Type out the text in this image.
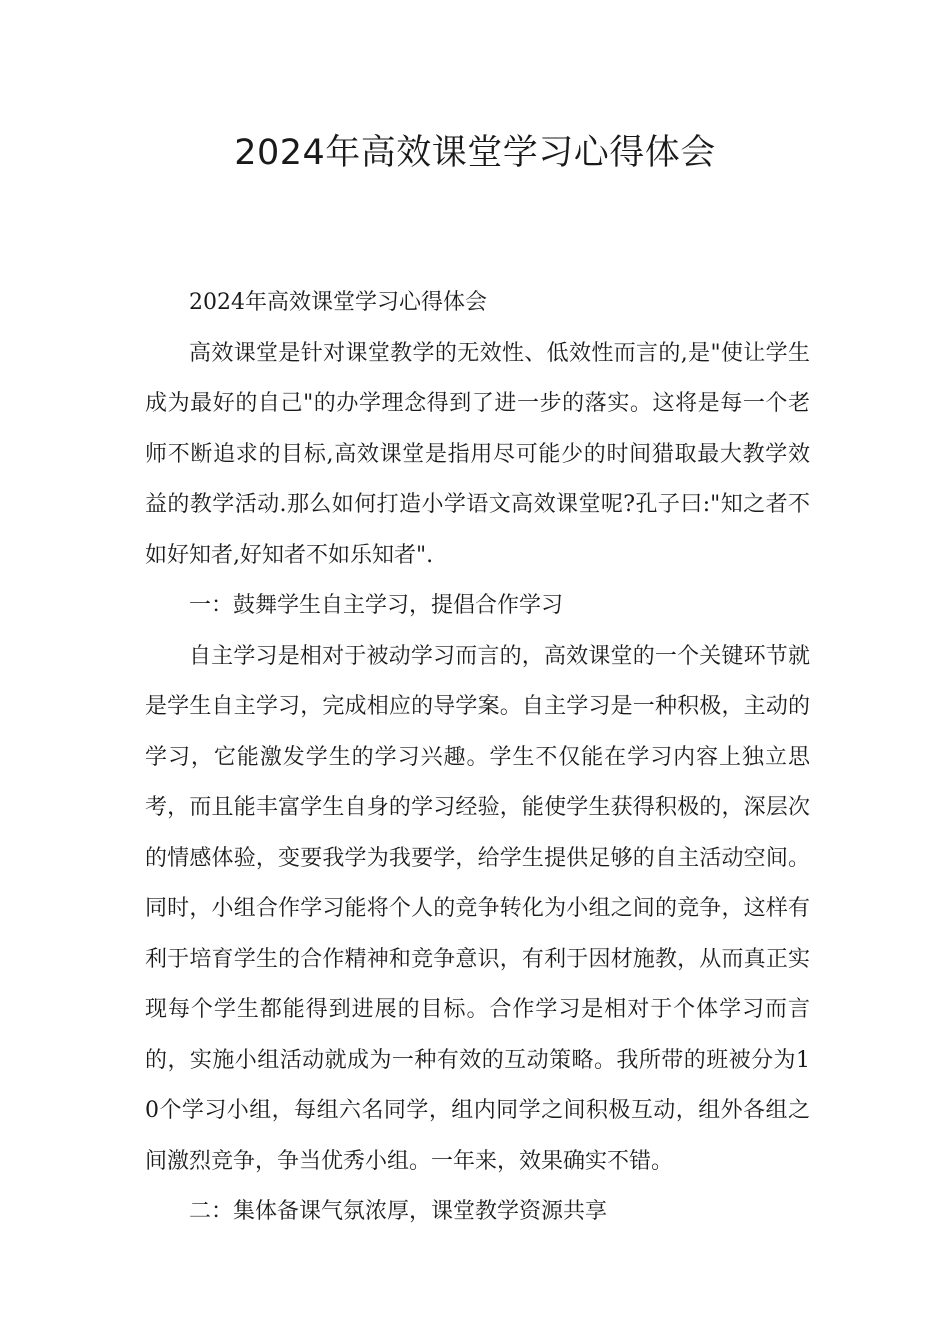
2024年高效课堂学习心得体会

2024年高效课堂学习心得体会

高效课堂是针对课堂教学的无效性、低效性而言的,是"使让学生成为最好的自己"的办学理念得到了进一步的落实。这将是每一个老师不断追求的目标,高效课堂是指用尽可能少的时间猎取最大教学效益的教学活动.那么如何打造小学语文高效课堂呢?孔子曰:"知之者不如好知者,好知者不如乐知者".

一：鼓舞学生自主学习，提倡合作学习

自主学习是相对于被动学习而言的，高效课堂的一个关键环节就是学生自主学习，完成相应的导学案。自主学习是一种积极，主动的学习，它能激发学生的学习兴趣。学生不仅能在学习内容上独立思考，而且能丰富学生自身的学习经验，能使学生获得积极的，深层次的情感体验，变要我学为我要学，给学生提供足够的自主活动空间。同时，小组合作学习能将个人的竞争转化为小组之间的竞争，这样有利于培育学生的合作精神和竞争意识，有利于因材施教，从而真正实现每个学生都能得到进展的目标。合作学习是相对于个体学习而言的，实施小组活动就成为一种有效的互动策略。我所带的班被分为10个学习小组，每组六名同学，组内同学之间积极互动，组外各组之间激烈竞争，争当优秀小组。一年来，效果确实不错。

二：集体备课气氛浓厚，课堂教学资源共享
